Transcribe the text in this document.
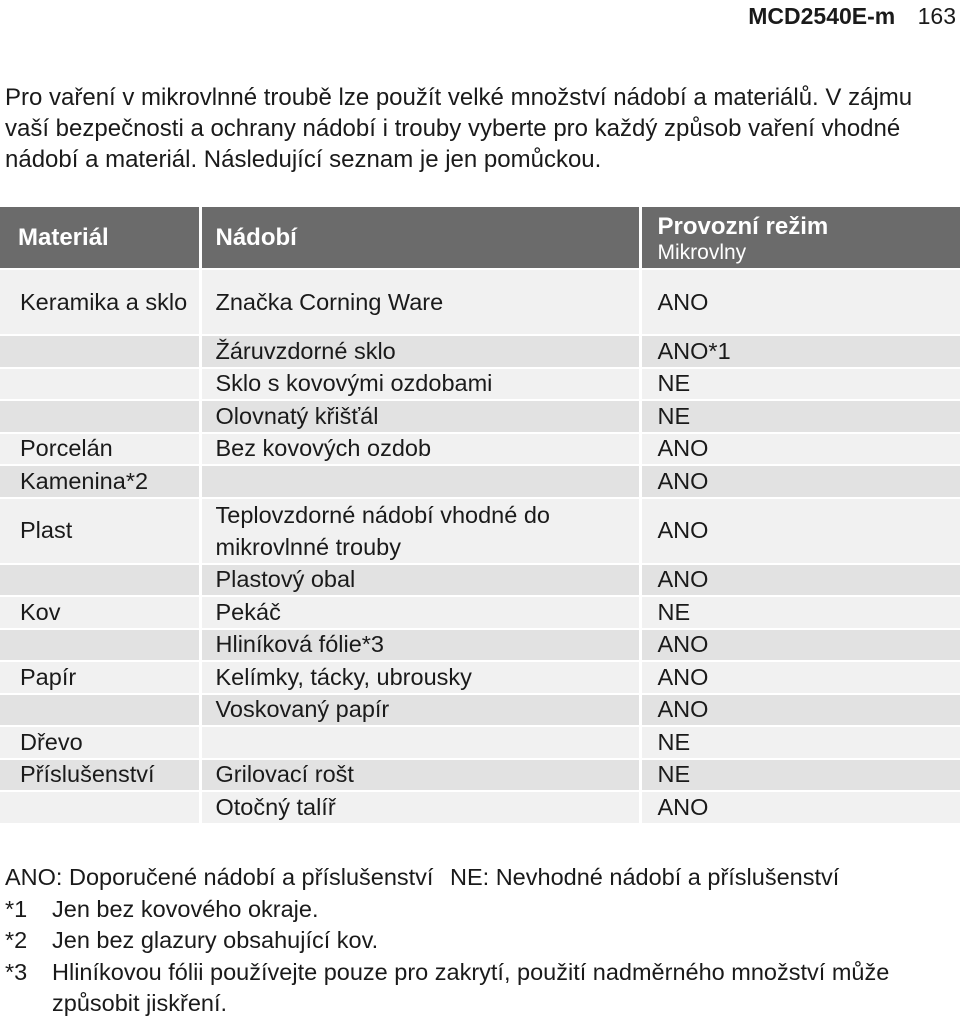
MCD2540E-m 163

Pro vaření v mikrovlnné troubě lze použít velké množství nádobí a materiálů. V zájmu vaší bezpečnosti a ochrany nádobí i trouby vyberte pro každý způsob vaření vhodné nádobí a materiál. Následující seznam je jen pomůckou.

Materiál	Nádobí	Provozní režim
Mikrovlny

Keramika a sklo	Značka Corning Ware	ANO
	Žáruvzdorné sklo	ANO*1
	Sklo s kovovými ozdobami	NE
	Olovnatý křišťál	NE
Porcelán	Bez kovových ozdob	ANO
Kamenina*2		ANO
Plast	Teplovzdorné nádobí vhodné do mikrovlnné trouby	ANO
	Plastový obal	ANO
Kov	Pekáč	NE
	Hliníková fólie*3	ANO
Papír	Kelímky, tácky, ubrousky	ANO
	Voskovaný papír	ANO
Dřevo		NE
Příslušenství	Grilovací rošt	NE
	Otočný talíř	ANO
ANO: Doporučené nádobí a příslušenství NE: Nevhodné nádobí a příslušenství
*1	Jen bez kovového okraje.
*2	Jen bez glazury obsahující kov.
*3	Hliníkovou fólii používejte pouze pro zakrytí, použití nadměrného množství může způsobit jiskření.
